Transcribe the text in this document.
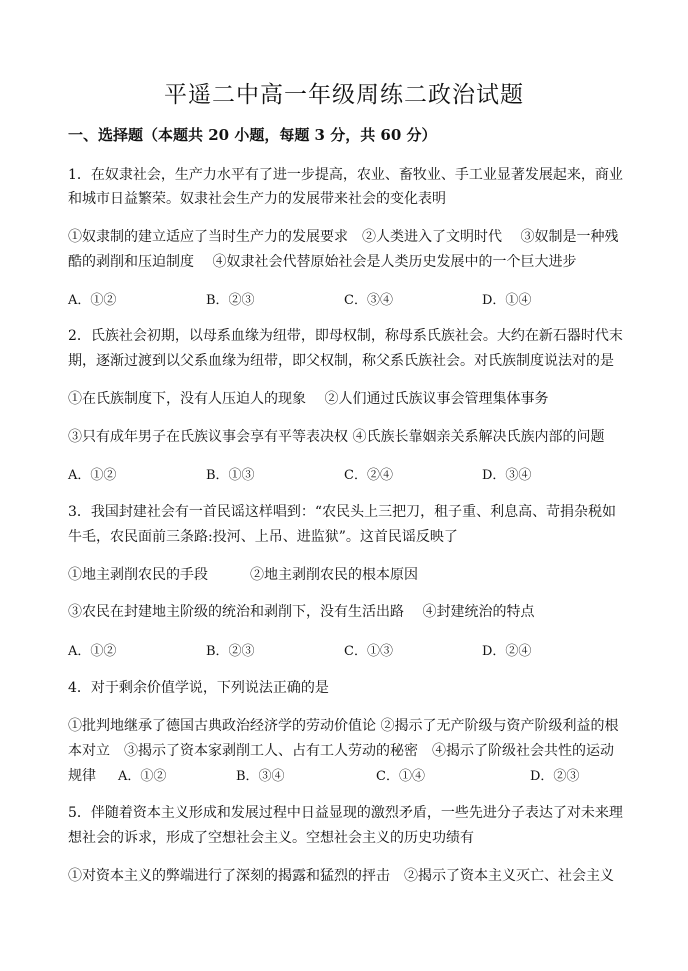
平遥二中高一年级周练二政治试题
一、选择题（本题共 20 小题，每题 3 分，共 60 分）
1．在奴隶社会，生产力水平有了进一步提高，农业、畜牧业、手工业显著发展起来，商业
和城市日益繁荣。奴隶社会生产力的发展带来社会的变化表明
①奴隶制的建立适应了当时生产力的发展要求　②人类进入了文明时代　 ③奴制是一种残
酷的剥削和压迫制度　 ④奴隶社会代替原始社会是人类历史发展中的一个巨大进步
A．①②	B．②③	C．③④	D．①④
2．氏族社会初期，以母系血缘为纽带，即母权制，称母系氏族社会。大约在新石器时代末
期，逐渐过渡到以父系血缘为纽带，即父权制，称父系氏族社会。对氏族制度说法对的是
①在氏族制度下，没有人压迫人的现象　 ②人们通过氏族议事会管理集体事务
③只有成年男子在氏族议事会享有平等表决权 ④氏族长靠姻亲关系解决氏族内部的问题
A．①②	B．①③	C．②④	D．③④
3．我国封建社会有一首民谣这样唱到：“农民头上三把刀，租子重、利息高、苛捐杂税如
牛毛，农民面前三条路:投河、上吊、进监狱”。这首民谣反映了
①地主剥削农民的手段　　　②地主剥削农民的根本原因
③农民在封建地主阶级的统治和剥削下，没有生活出路　 ④封建统治的特点
A．①②	B．②③	C．①③	D．②④
4．对于剩余价值学说，下列说法正确的是
①批判地继承了德国古典政治经济学的劳动价值论 ②揭示了无产阶级与资产阶级利益的根
本对立　③揭示了资本家剥削工人、占有工人劳动的秘密　④揭示了阶级社会共性的运动
规律	A．①②	B．③④	C．①④	D．②③
5．伴随着资本主义形成和发展过程中日益显现的激烈矛盾，一些先进分子表达了对未来理
想社会的诉求，形成了空想社会主义。空想社会主义的历史功绩有
①对资本主义的弊端进行了深刻的揭露和猛烈的抨击　②揭示了资本主义灭亡、社会主义
